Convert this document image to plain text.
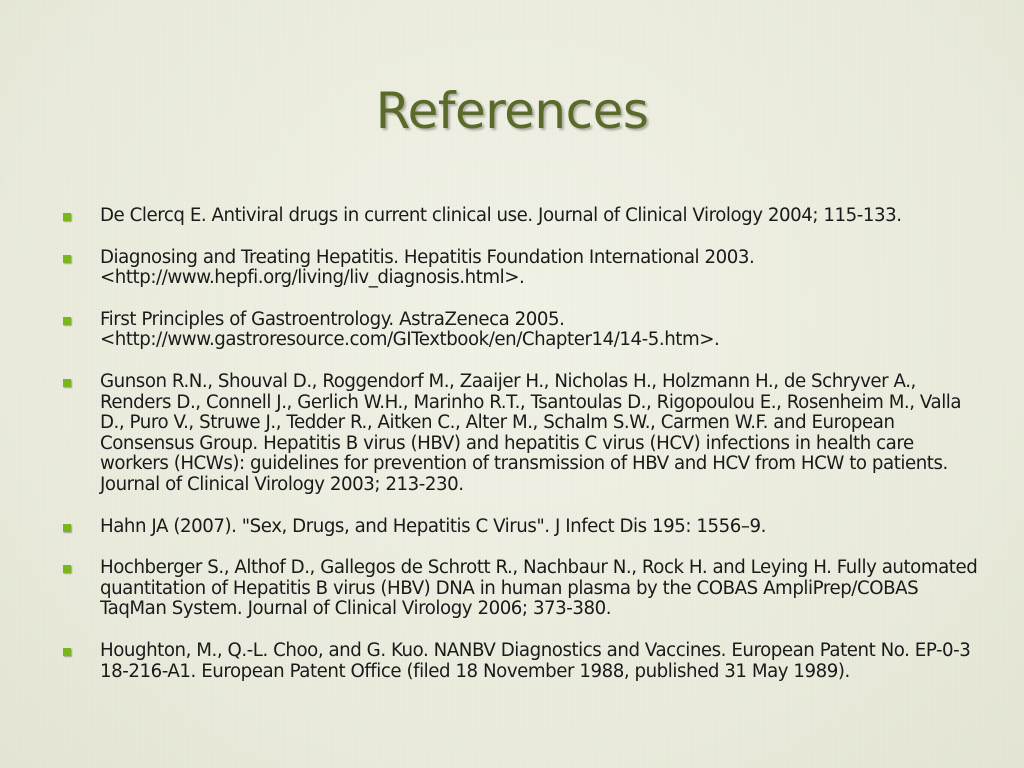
References
De Clercq E. Antiviral drugs in current clinical use. Journal of Clinical Virology 2004; 115-133.
Diagnosing and Treating Hepatitis. Hepatitis Foundation International 2003.<http://www.hepfi.org/living/liv_diagnosis.html>.
First Principles of Gastroentrology. AstraZeneca 2005. <http://www.gastroresource.com/GITextbook/en/Chapter14/14-5.htm>.
Gunson R.N., Shouval D., Roggendorf M., Zaaijer H., Nicholas H., Holzmann H., de Schryver A., Renders D., Connell J., Gerlich W.H., Marinho R.T., Tsantoulas D., Rigopoulou E., Rosenheim M., Valla D., Puro V., Struwe J., Tedder R., Aitken C., Alter M., Schalm S.W., Carmen W.F. and European Consensus Group. Hepatitis B virus (HBV) and hepatitis C virus (HCV) infections in health care workers (HCWs): guidelines for prevention of transmission of HBV and HCV from HCW to patients. Journal of Clinical Virology 2003; 213-230.
Hahn JA (2007). "Sex, Drugs, and Hepatitis C Virus". J Infect Dis 195: 1556–9.
Hochberger S., Althof D., Gallegos de Schrott R., Nachbaur N., Rock H. and Leying H. Fully automated quantitation of Hepatitis B virus (HBV) DNA in human plasma by the COBAS AmpliPrep/COBAS TaqMan System. Journal of Clinical Virology 2006; 373-380.
Houghton, M., Q.-L. Choo, and G. Kuo. NANBV Diagnostics and Vaccines. European Patent No. EP-0-3 18-216-A1. European Patent Office (filed 18 November 1988, published 31 May 1989).
